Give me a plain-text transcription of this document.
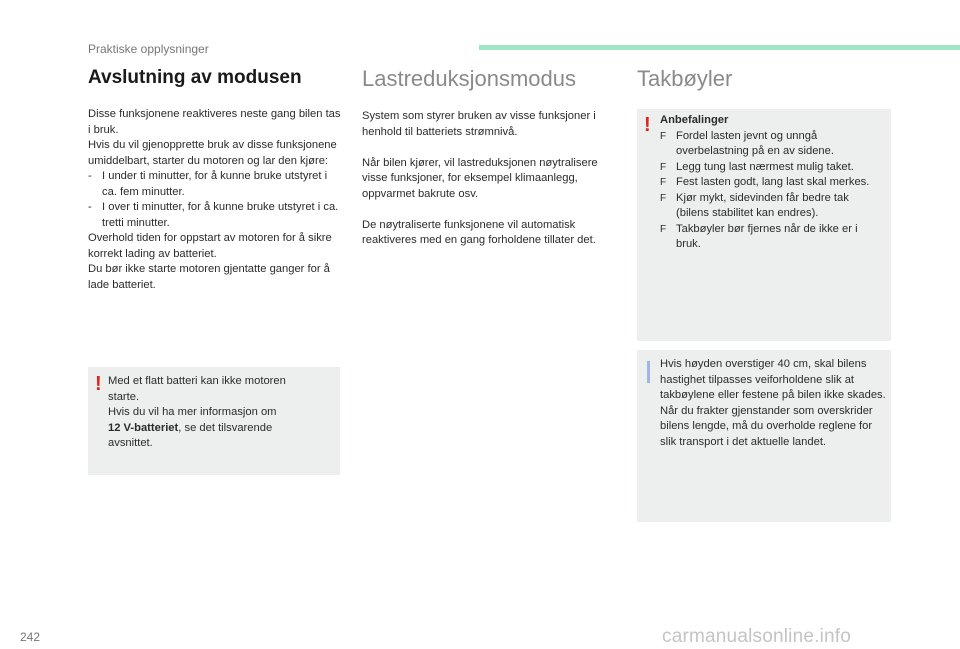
Praktiske opplysninger
Avslutning av modusen

Disse funksjonene reaktiveres neste gang bilen tas i bruk.

Hvis du vil gjenopprette bruk av disse funksjonene umiddelbart, starter du motoren og lar den kjøre:

- I under ti minutter, for å kunne bruke utstyret i ca. fem minutter.
- I over ti minutter, for å kunne bruke utstyret i ca. tretti minutter.

Overhold tiden for oppstart av motoren for å sikre korrekt lading av batteriet.

Du bør ikke starte motoren gjentatte ganger for å lade batteriet.

! Med et flatt batteri kan ikke motoren starte.

Hvis du vil ha mer informasjon om

12 V-batteriet, se det tilsvarende avsnittet.

Lastreduksjonsmodus

System som styrer bruken av visse funksjoner i henhold til batteriets strømnivå.

Når bilen kjører, vil lastreduksjonen nøytralisere visse funksjoner, for eksempel klimaanlegg, oppvarmet bakrute osv.

De nøytraliserte funksjonene vil automatisk reaktiveres med en gang forholdene tillater det.

Takbøyler
! Anbefalinger

F Fordel lasten jevnt og unngå overbelastning på en av sidene.
F Legg tung last nærmest mulig taket.
F Fest lasten godt, lang last skal merkes.
F Kjør mykt, sidevinden får bedre tak (bilens stabilitet kan endres).
F Takbøyler bør fjernes når de ikke er i bruk.

Hvis høyden overstiger 40 cm, skal bilens hastighet tilpasses veiforholdene slik at takbøylene eller festene på bilen ikke skades.

Når du frakter gjenstander som overskrider bilens lengde, må du overholde reglene for slik transport i det aktuelle landet.

242	carmanualsonline.info
